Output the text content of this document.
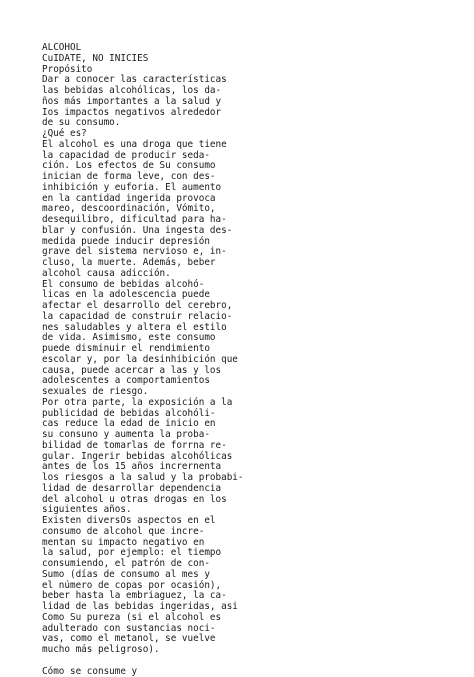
ALCOHOL
CuIDATE, NO INICIES
Propósito
Dar a conocer las características
las bebidas alcohólicas, los da-
ños más importantes a la salud y
Ios impactos negativos alrededor
de su consumo.
¿Qué es?
El alcohol es una droga que tiene
la capacidad de producir seda-
ción. Los efectos de Su consumo
inician de forma leve, con des-
inhibición y euforia. El aumento
en la cantidad ingerida provoca
mareo, descoordinación, Vómito,
desequilibro, dificultad para ha-
blar y confusión. Una ingesta des-
medida puede inducir depresión
grave del sistema nervioso e, in-
cluso, la muerte. Además, beber
alcohol causa adicción.
El consumo de bebidas alcohó-
licas en la adolescencia puede
afectar el desarrollo del cerebro,
la capacidad de construir relacio-
nes saludables y altera el estilo
de vida. Asimismo, este consumo
puede disminuir el rendimiento
escolar y, por la desinhibición que
causa, puede acercar a las y los
adolescentes a comportamientos
sexuales de riesgo.
Por otra parte, la exposición a la
publicidad de bebidas alcohóli-
cas reduce la edad de inicio en
su consuno y aumenta la proba-
bilidad de tomarlas de forrna re-
gular. Ingerir bebidas alcohólicas
antes de los 15 años incrernenta
los riesgos a la salud y la probabi-
lidad de desarrollar dependencia
del alcohol u otras drogas en los
siguientes años.
Existen diversOs aspectos en el
consumo de alcohol que incre-
mentan su impacto negativo en
la salud, por ejemplo: el tiempo
consumiendo, el patrón de con-
Sumo (días de consumo al mes y
el número de copas por ocasión),
beber hasta la embriaguez, la ca-
lidad de las bebidas ingeridas, asi
Como Su pureza (si el alcohol es
adulterado con sustancias noci-
vas, como el metanol, se vuelve
mucho más peligroso).
Cómo se consume y
